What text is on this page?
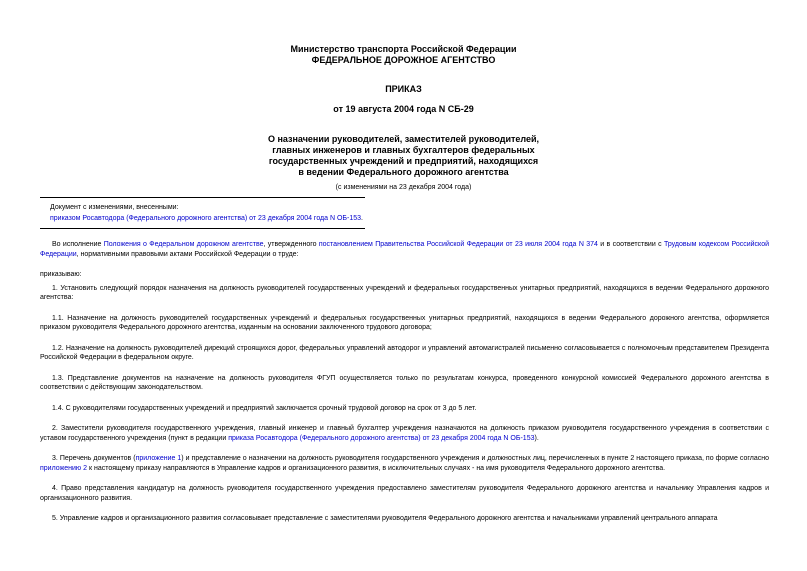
Министерство транспорта Российской Федерации
ФЕДЕРАЛЬНОЕ ДОРОЖНОЕ АГЕНТСТВО
ПРИКАЗ
от 19 августа 2004 года N СБ-29
О назначении руководителей, заместителей руководителей,
главных инженеров и главных бухгалтеров федеральных
государственных учреждений и предприятий, находящихся
в ведении Федерального дорожного агентства
(с изменениями на 23 декабря 2004 года)
Документ с изменениями, внесенными:
приказом Росавтодора (Федерального дорожного агентства) от 23 декабря 2004 года N ОБ-153.

Во исполнение Положения о Федеральном дорожном агентстве, утвержденного постановлением Правительства Российской Федерации от 23 июля 2004 года N 374 и в соответствии с Трудовым кодексом Российской Федерации, нормативными правовыми актами Российской Федерации о труде:

приказываю:

1. Установить следующий порядок назначения на должность руководителей государственных учреждений и федеральных государственных унитарных предприятий, находящихся в ведении Федерального дорожного агентства:

1.1. Назначение на должность руководителей государственных учреждений и федеральных государственных унитарных предприятий, находящихся в ведении Федерального дорожного агентства, оформляется приказом руководителя Федерального дорожного агентства, изданным на основании заключенного трудового договора;

1.2. Назначение на должность руководителей дирекций строящихся дорог, федеральных управлений автодорог и управлений автомагистралей письменно согласовывается с полномочным представителем Президента Российской Федерации в федеральном округе.

1.3. Представление документов на назначение на должность руководителя ФГУП осуществляется только по результатам конкурса, проведенного конкурсной комиссией Федерального дорожного агентства в соответствии с действующим законодательством.

1.4. С руководителями государственных учреждений и предприятий заключается срочный трудовой договор на срок от 3 до 5 лет.

2. Заместители руководителя государственного учреждения, главный инженер и главный бухгалтер учреждения назначаются на должность приказом руководителя государственного учреждения в соответствии с уставом государственного учреждения (пункт в редакции приказа Росавтодора (Федерального дорожного агентства) от 23 декабря 2004 года N ОБ-153).

3. Перечень документов (приложение 1) и представление о назначении на должность руководителя государственного учреждения и должностных лиц, перечисленных в пункте 2 настоящего приказа, по форме согласно приложению 2 к настоящему приказу направляются в Управление кадров и организационного развития, в исключительных случаях - на имя руководителя Федерального дорожного агентства.

4. Право представления кандидатур на должность руководителя государственного учреждения предоставлено заместителям руководителя Федерального дорожного агентства и начальнику Управления кадров и организационного развития.

5. Управление кадров и организационного развития согласовывает представление с заместителями руководителя Федерального дорожного агентства и начальниками управлений центрального аппарата
